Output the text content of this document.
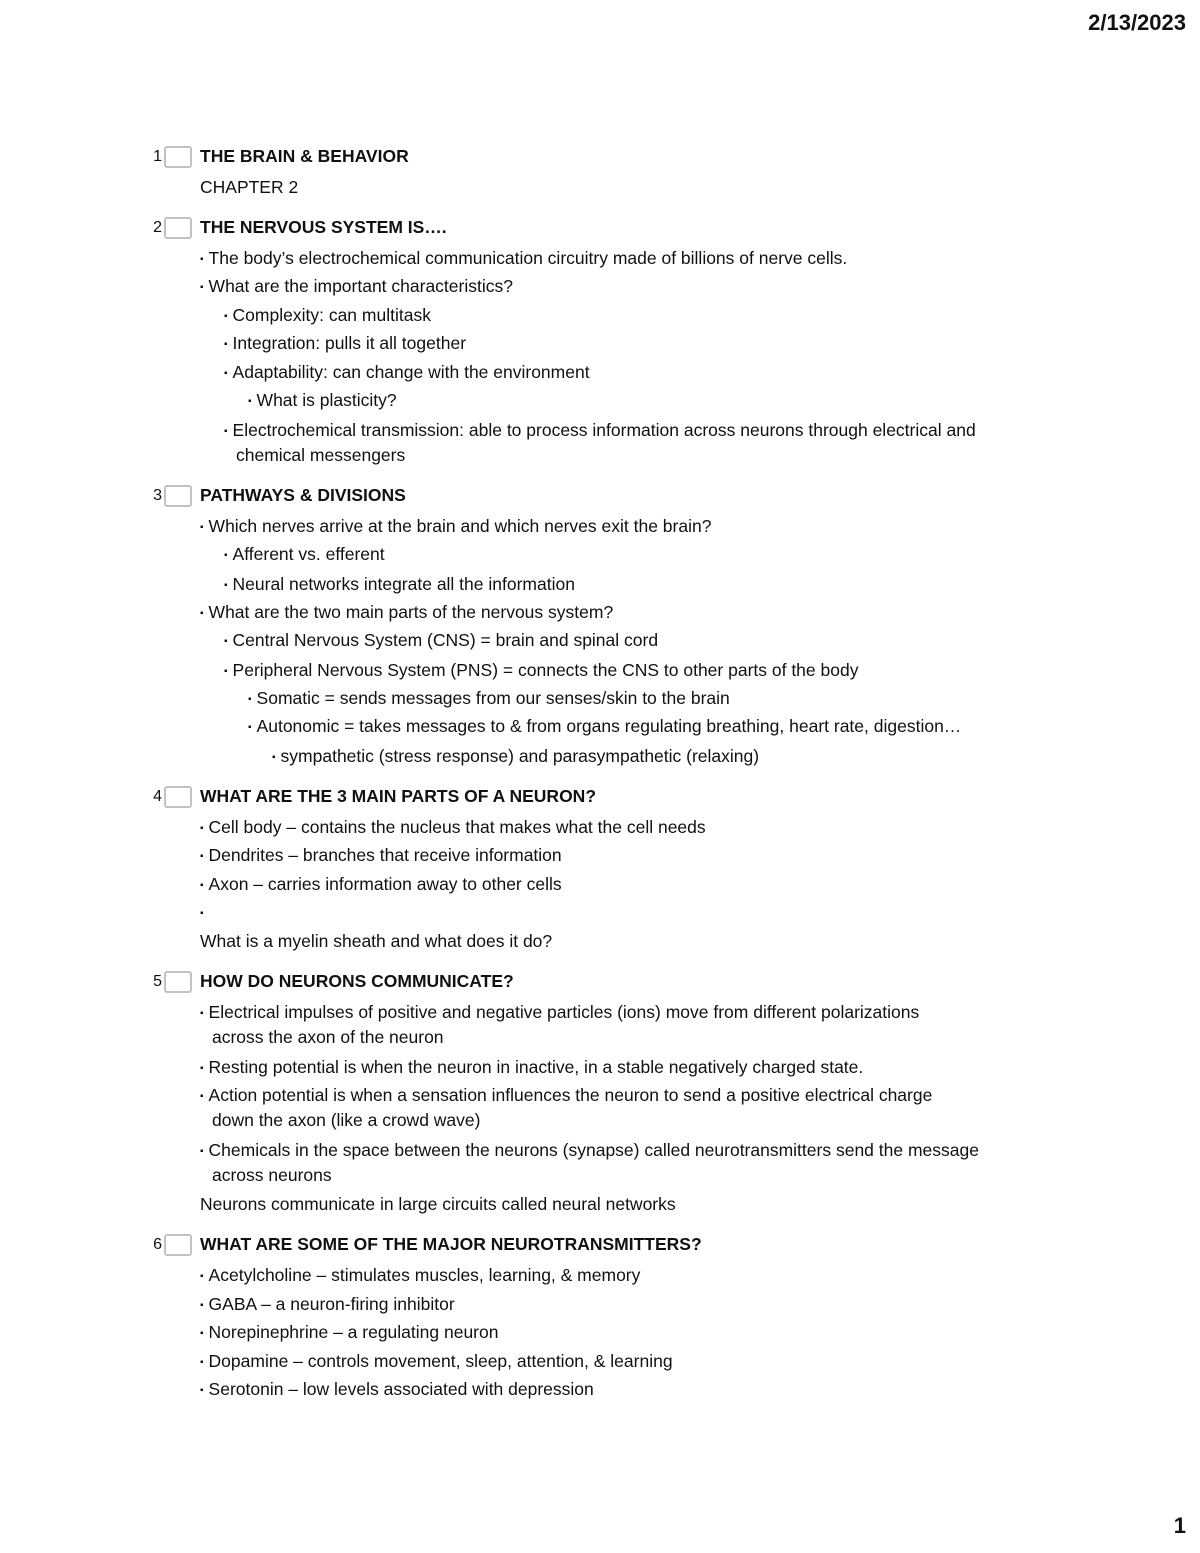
2/13/2023
1 THE BRAIN & BEHAVIOR
CHAPTER 2
2 THE NERVOUS SYSTEM IS….
▪ The body’s electrochemical communication circuitry made of billions of nerve cells.
▪ What are the important characteristics?
▪ Complexity: can multitask
▪ Integration: pulls it all together
▪ Adaptability: can change with the environment
▪ What is plasticity?
▪ Electrochemical transmission: able to process information across neurons through electrical and
chemical messengers
3 PATHWAYS & DIVISIONS
▪ Which nerves arrive at the brain and which nerves exit the brain?
▪ Afferent vs. efferent
▪ Neural networks integrate all the information
▪ What are the two main parts of the nervous system?
▪ Central Nervous System (CNS) = brain and spinal cord
▪ Peripheral Nervous System (PNS) = connects the CNS to other parts of the body
▪ Somatic = sends messages from our senses/skin to the brain
▪ Autonomic = takes messages to & from organs regulating breathing, heart rate, digestion…
▪ sympathetic (stress response) and parasympathetic (relaxing)
4 WHAT ARE THE 3 MAIN PARTS OF A NEURON?
▪ Cell body – contains the nucleus that makes what the cell needs
▪ Dendrites – branches that receive information
▪ Axon – carries information away to other cells
▪
What is a myelin sheath and what does it do?
5 HOW DO NEURONS COMMUNICATE?
▪ Electrical impulses of positive and negative particles (ions) move from different polarizations
across the axon of the neuron
▪ Resting potential is when the neuron in inactive, in a stable negatively charged state.
▪ Action potential is when a sensation influences the neuron to send a positive electrical charge
down the axon (like a crowd wave)
▪ Chemicals in the space between the neurons (synapse) called neurotransmitters send the message
across neurons
Neurons communicate in large circuits called neural networks
6 WHAT ARE SOME OF THE MAJOR NEUROTRANSMITTERS?
▪ Acetylcholine – stimulates muscles, learning, & memory
▪ GABA – a neuron-firing inhibitor
▪ Norepinephrine – a regulating neuron
▪ Dopamine – controls movement, sleep, attention, & learning
▪ Serotonin – low levels associated with depression
1
